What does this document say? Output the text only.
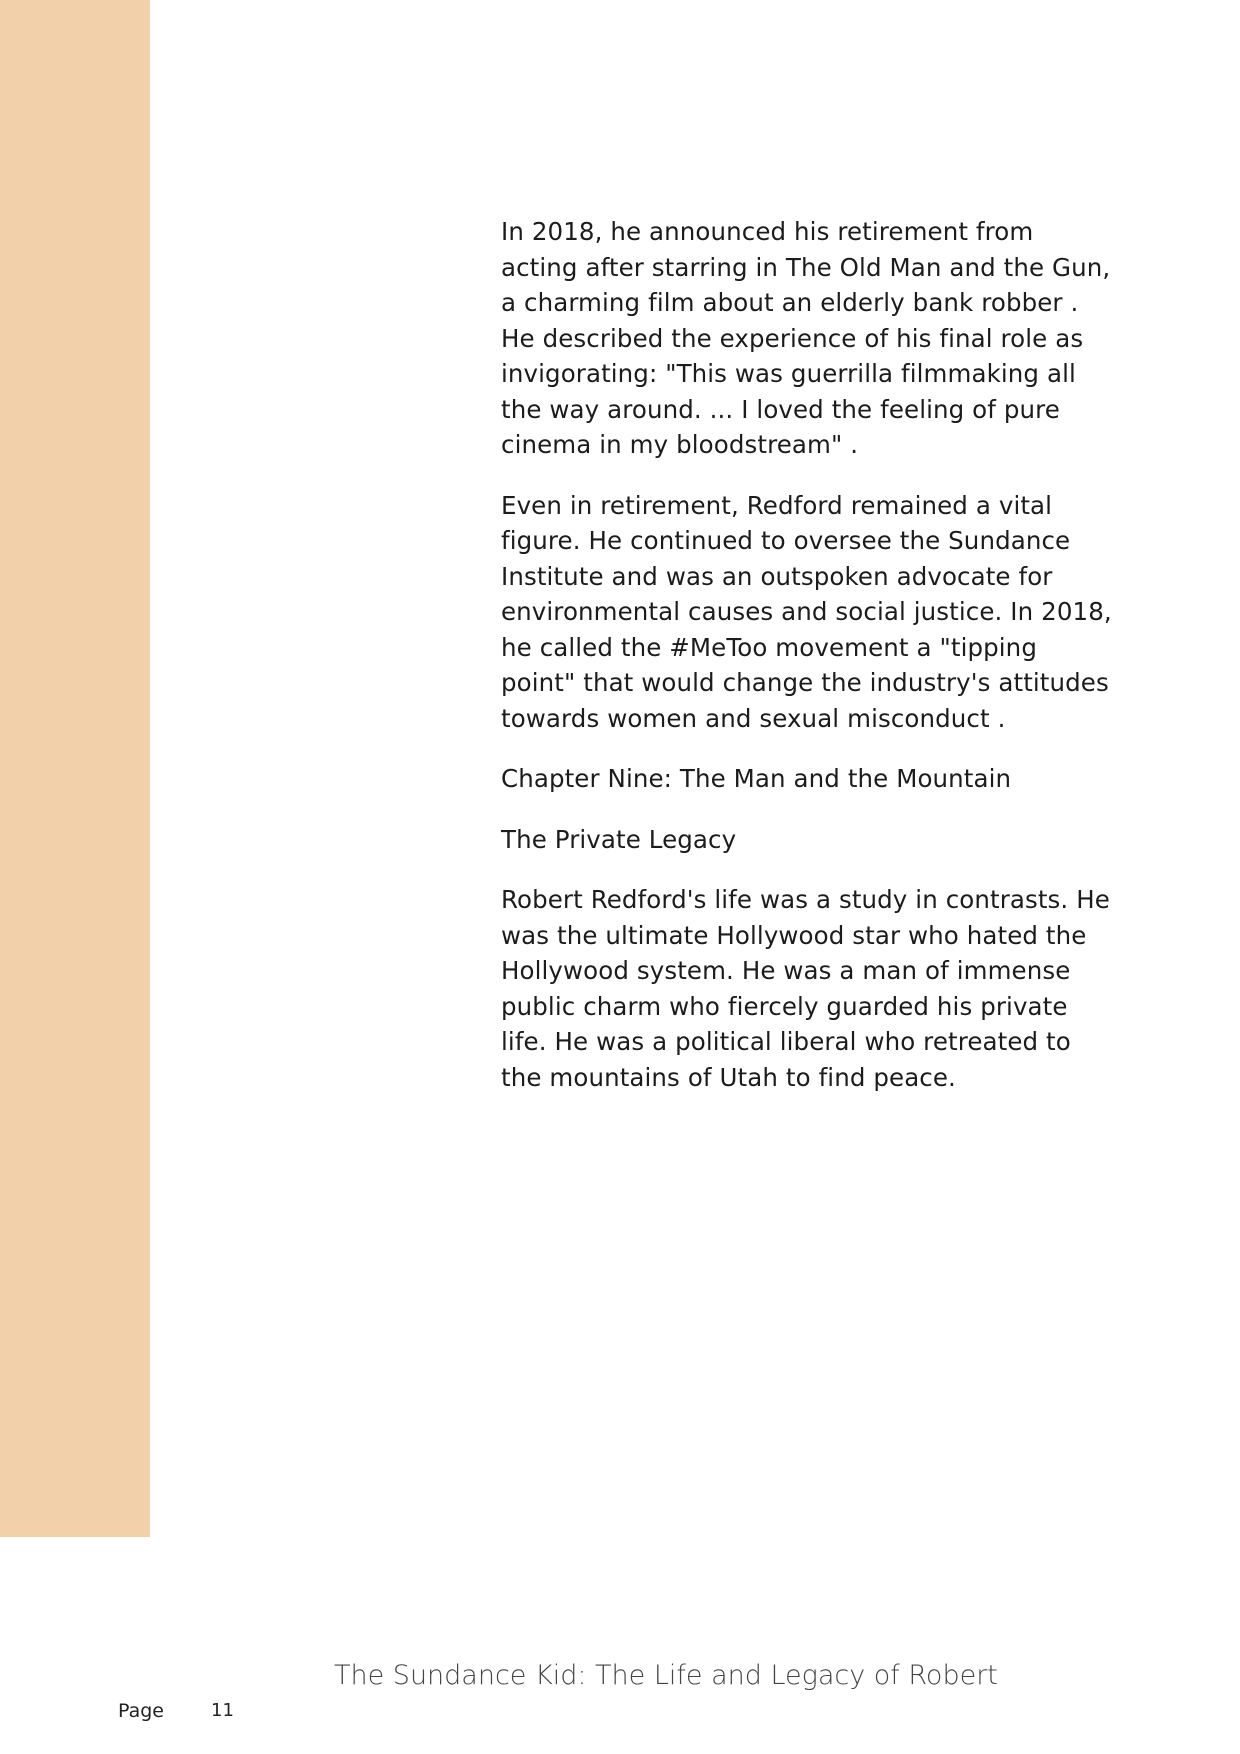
In 2018, he announced his retirement from acting after starring in The Old Man and the Gun, a charming film about an elderly bank robber . He described the experience of his final role as invigorating: "This was guerrilla filmmaking all the way around. ... I loved the feeling of pure cinema in my bloodstream" .

Even in retirement, Redford remained a vital figure. He continued to oversee the Sundance Institute and was an outspoken advocate for environmental causes and social justice. In 2018, he called the #MeToo movement a "tipping point" that would change the industry's attitudes towards women and sexual misconduct .

Chapter Nine: The Man and the Mountain

The Private Legacy

Robert Redford's life was a study in contrasts. He was the ultimate Hollywood star who hated the Hollywood system. He was a man of immense public charm who fiercely guarded his private life. He was a political liberal who retreated to the mountains of Utah to find peace.

The Sundance Kid: The Life and Legacy of Robert
Page	11
